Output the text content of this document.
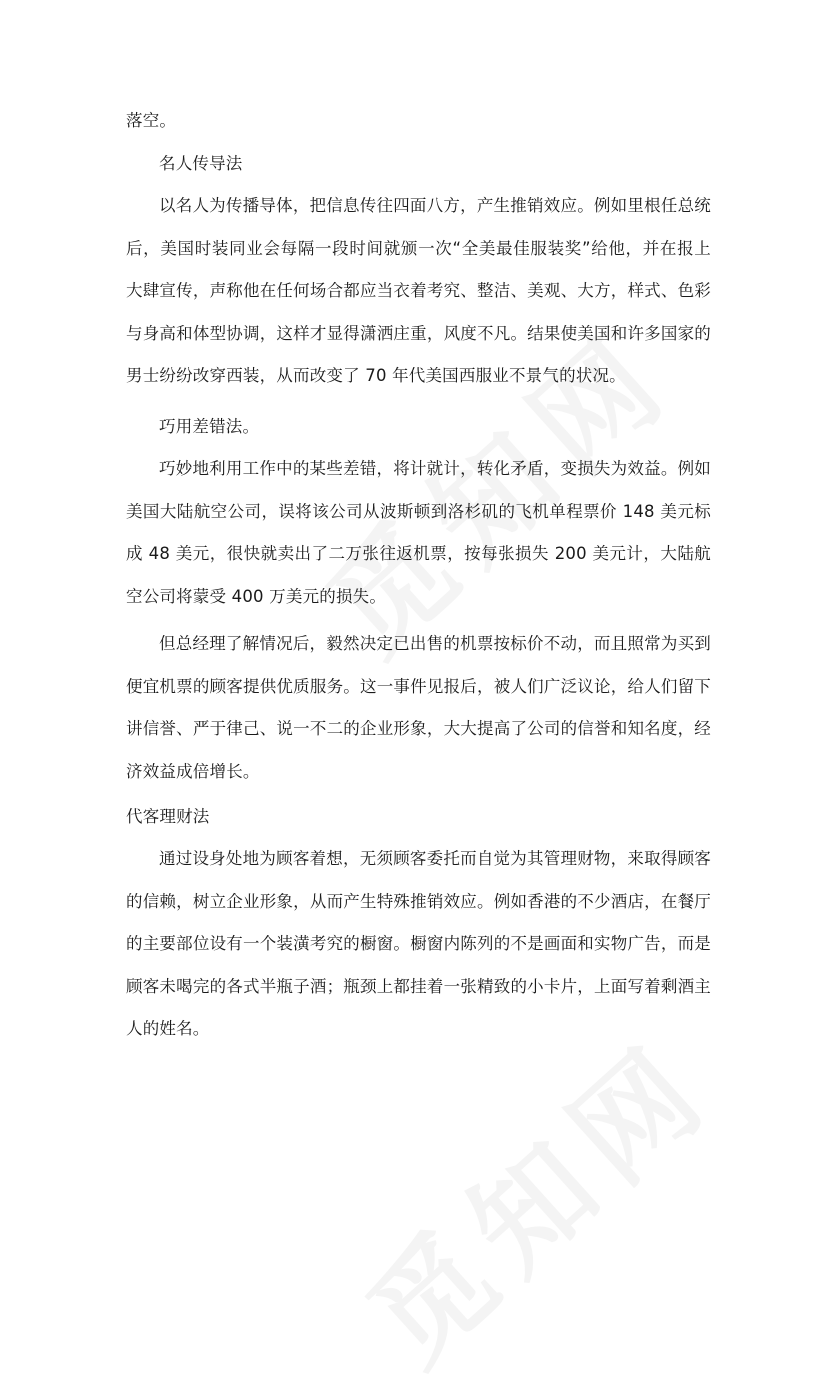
落空。

名人传导法

以名人为传播导体，把信息传往四面八方，产生推销效应。例如里根任总统后，美国时装同业会每隔一段时间就颁一次“全美最佳服装奖”给他，并在报上大肆宣传，声称他在任何场合都应当衣着考究、整洁、美观、大方，样式、色彩与身高和体型协调，这样才显得潇洒庄重，风度不凡。结果使美国和许多国家的男士纷纷改穿西装，从而改变了 70 年代美国西服业不景气的状况。

巧用差错法。

巧妙地利用工作中的某些差错，将计就计，转化矛盾，变损失为效益。例如美国大陆航空公司，误将该公司从波斯顿到洛杉矶的飞机单程票价 148 美元标成 48 美元，很快就卖出了二万张往返机票，按每张损失 200 美元计，大陆航空公司将蒙受 400 万美元的损失。

但总经理了解情况后，毅然决定已出售的机票按标价不动，而且照常为买到便宜机票的顾客提供优质服务。这一事件见报后，被人们广泛议论，给人们留下讲信誉、严于律己、说一不二的企业形象，大大提高了公司的信誉和知名度，经济效益成倍增长。

代客理财法

通过设身处地为顾客着想，无须顾客委托而自觉为其管理财物，来取得顾客的信赖，树立企业形象，从而产生特殊推销效应。例如香港的不少酒店，在餐厅的主要部位设有一个装潢考究的橱窗。橱窗内陈列的不是画面和实物广告，而是顾客未喝完的各式半瓶子酒；瓶颈上都挂着一张精致的小卡片，上面写着剩酒主人的姓名。
